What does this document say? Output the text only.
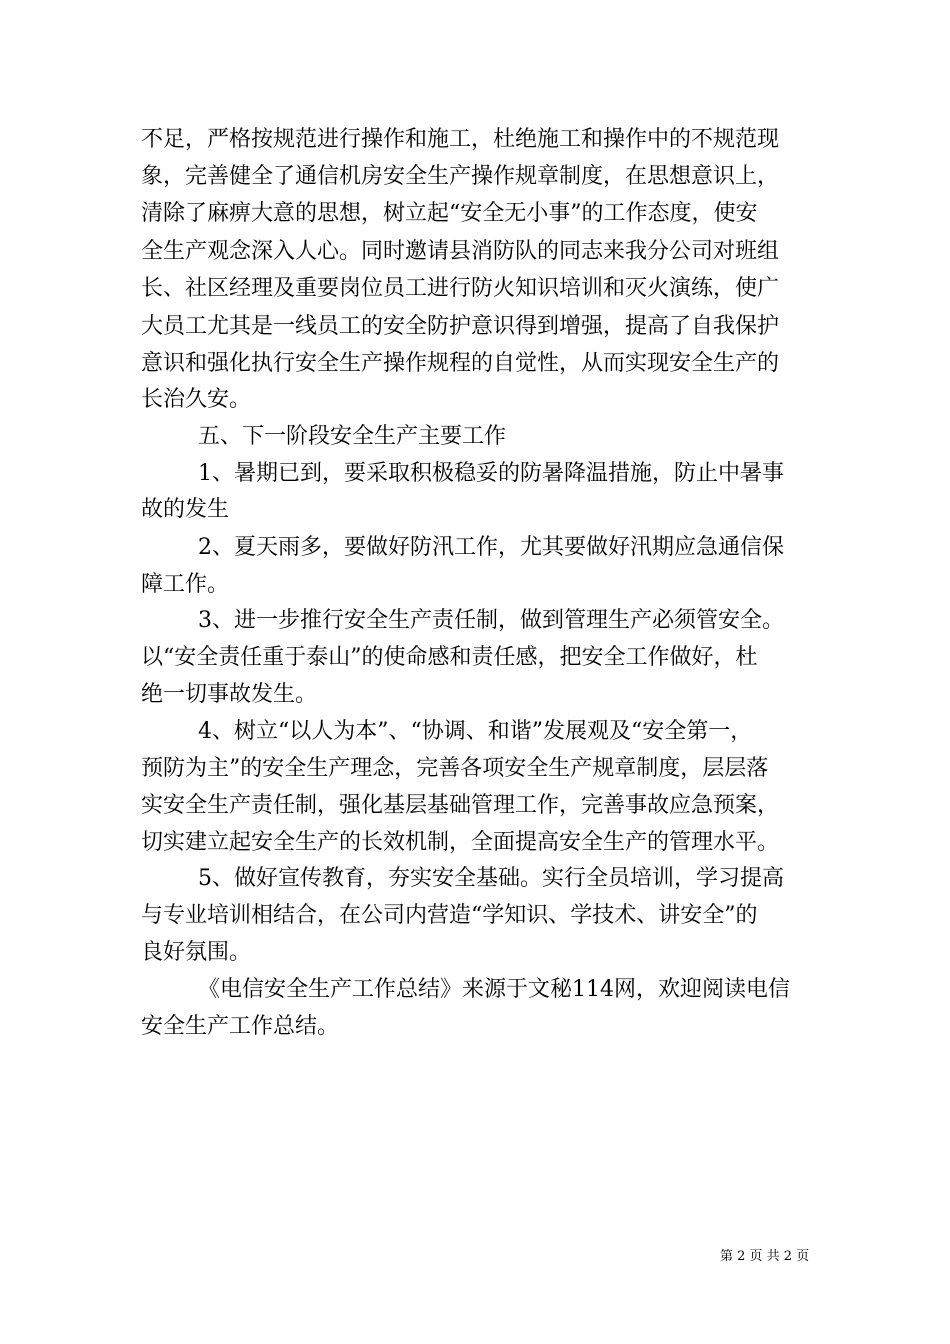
不足，严格按规范进行操作和施工，杜绝施工和操作中的不规范现
象，完善健全了通信机房安全生产操作规章制度，在思想意识上，
清除了麻痹大意的思想，树立起“安全无小事”的工作态度，使安
全生产观念深入人心。同时邀请县消防队的同志来我分公司对班组
长、社区经理及重要岗位员工进行防火知识培训和灭火演练，使广
大员工尤其是一线员工的安全防护意识得到增强，提高了自我保护
意识和强化执行安全生产操作规程的自觉性，从而实现安全生产的
长治久安。
五、下一阶段安全生产主要工作
1、暑期已到，要采取积极稳妥的防暑降温措施，防止中暑事
故的发生
2、夏天雨多，要做好防汛工作，尤其要做好汛期应急通信保
障工作。
3、进一步推行安全生产责任制，做到管理生产必须管安全。
以“安全责任重于泰山”的使命感和责任感，把安全工作做好，杜
绝一切事故发生。
4、树立“以人为本”、“协调、和谐”发展观及“安全第一，
预防为主”的安全生产理念，完善各项安全生产规章制度，层层落
实安全生产责任制，强化基层基础管理工作，完善事故应急预案，
切实建立起安全生产的长效机制，全面提高安全生产的管理水平。
5、做好宣传教育，夯实安全基础。实行全员培训，学习提高
与专业培训相结合，在公司内营造“学知识、学技术、讲安全”的
良好氛围。
《电信安全生产工作总结》来源于文秘114网，欢迎阅读电信
安全生产工作总结。
第 2 页 共 2 页
